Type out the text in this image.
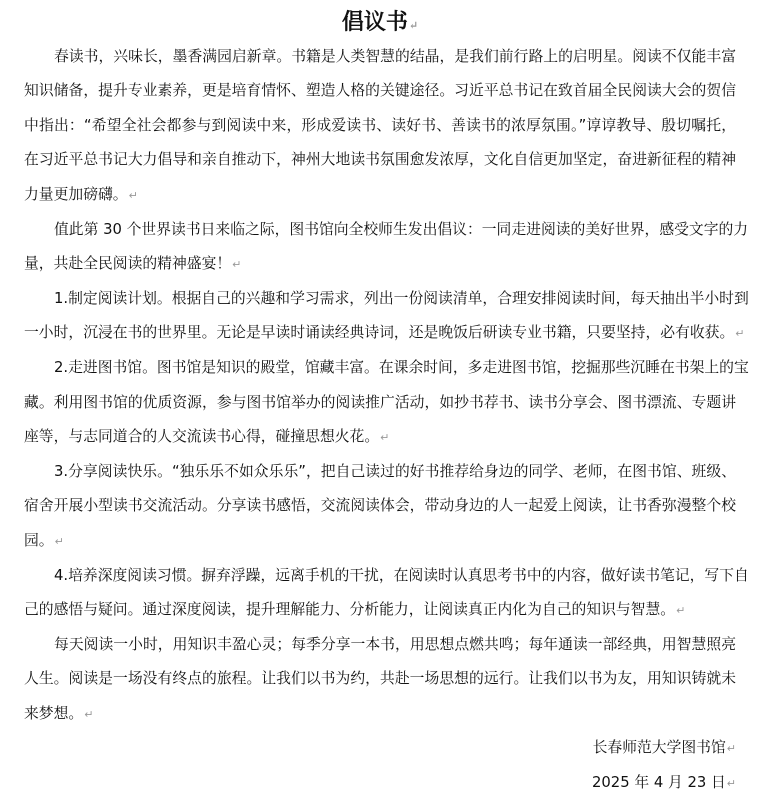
倡议书↵
春读书，兴味长，墨香满园启新章。书籍是人类智慧的结晶，是我们前行路上的启明星。阅读不仅能丰富
知识储备，提升专业素养，更是培育情怀、塑造人格的关键途径。习近平总书记在致首届全民阅读大会的贺信
中指出：“希望全社会都参与到阅读中来，形成爱读书、读好书、善读书的浓厚氛围。”谆谆教导、殷切嘱托，
在习近平总书记大力倡导和亲自推动下，神州大地读书氛围愈发浓厚，文化自信更加坚定，奋进新征程的精神
力量更加磅礴。↵
值此第 30 个世界读书日来临之际，图书馆向全校师生发出倡议：一同走进阅读的美好世界，感受文字的力
量，共赴全民阅读的精神盛宴！↵
1.制定阅读计划。根据自己的兴趣和学习需求，列出一份阅读清单，合理安排阅读时间，每天抽出半小时到
一小时，沉浸在书的世界里。无论是早读时诵读经典诗词，还是晚饭后研读专业书籍，只要坚持，必有收获。↵
2.走进图书馆。图书馆是知识的殿堂，馆藏丰富。在课余时间，多走进图书馆，挖掘那些沉睡在书架上的宝
藏。利用图书馆的优质资源，参与图书馆举办的阅读推广活动，如抄书荐书、读书分享会、图书漂流、专题讲
座等，与志同道合的人交流读书心得，碰撞思想火花。↵
3.分享阅读快乐。“独乐乐不如众乐乐”，把自己读过的好书推荐给身边的同学、老师，在图书馆、班级、
宿舍开展小型读书交流活动。分享读书感悟，交流阅读体会，带动身边的人一起爱上阅读，让书香弥漫整个校
园。↵
4.培养深度阅读习惯。摒弃浮躁，远离手机的干扰，在阅读时认真思考书中的内容，做好读书笔记，写下自
己的感悟与疑问。通过深度阅读，提升理解能力、分析能力，让阅读真正内化为自己的知识与智慧。↵
每天阅读一小时，用知识丰盈心灵；每季分享一本书，用思想点燃共鸣；每年通读一部经典，用智慧照亮
人生。阅读是一场没有终点的旅程。让我们以书为约，共赴一场思想的远行。让我们以书为友，用知识铸就未
来梦想。↵
长春师范大学图书馆↵
2025 年 4 月 23 日↵
